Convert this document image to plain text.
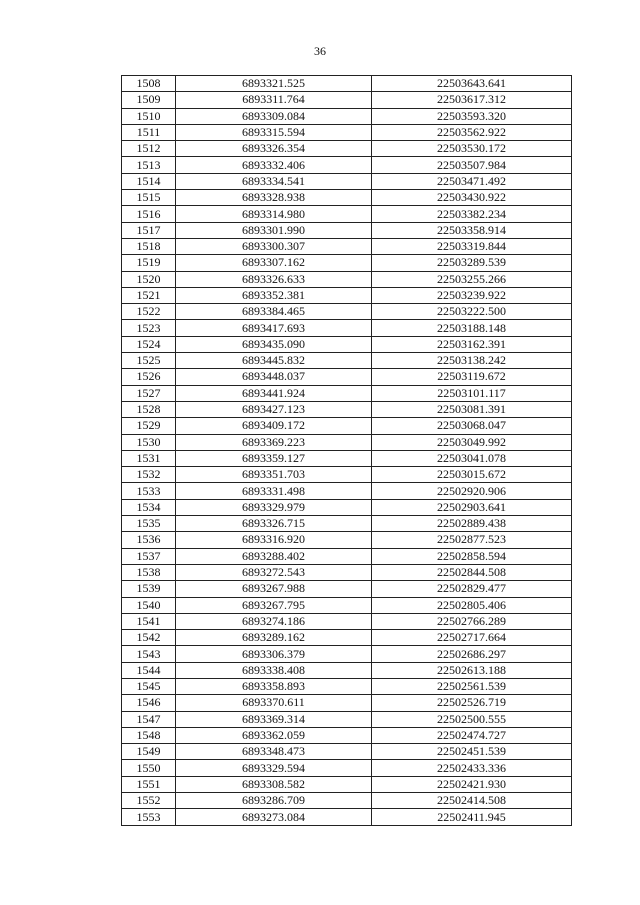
36
1508	6893321.525	22503643.641
1509	6893311.764	22503617.312
1510	6893309.084	22503593.320
1511	6893315.594	22503562.922
1512	6893326.354	22503530.172
1513	6893332.406	22503507.984
1514	6893334.541	22503471.492
1515	6893328.938	22503430.922
1516	6893314.980	22503382.234
1517	6893301.990	22503358.914
1518	6893300.307	22503319.844
1519	6893307.162	22503289.539
1520	6893326.633	22503255.266
1521	6893352.381	22503239.922
1522	6893384.465	22503222.500
1523	6893417.693	22503188.148
1524	6893435.090	22503162.391
1525	6893445.832	22503138.242
1526	6893448.037	22503119.672
1527	6893441.924	22503101.117
1528	6893427.123	22503081.391
1529	6893409.172	22503068.047
1530	6893369.223	22503049.992
1531	6893359.127	22503041.078
1532	6893351.703	22503015.672
1533	6893331.498	22502920.906
1534	6893329.979	22502903.641
1535	6893326.715	22502889.438
1536	6893316.920	22502877.523
1537	6893288.402	22502858.594
1538	6893272.543	22502844.508
1539	6893267.988	22502829.477
1540	6893267.795	22502805.406
1541	6893274.186	22502766.289
1542	6893289.162	22502717.664
1543	6893306.379	22502686.297
1544	6893338.408	22502613.188
1545	6893358.893	22502561.539
1546	6893370.611	22502526.719
1547	6893369.314	22502500.555
1548	6893362.059	22502474.727
1549	6893348.473	22502451.539
1550	6893329.594	22502433.336
1551	6893308.582	22502421.930
1552	6893286.709	22502414.508
1553	6893273.084	22502411.945
